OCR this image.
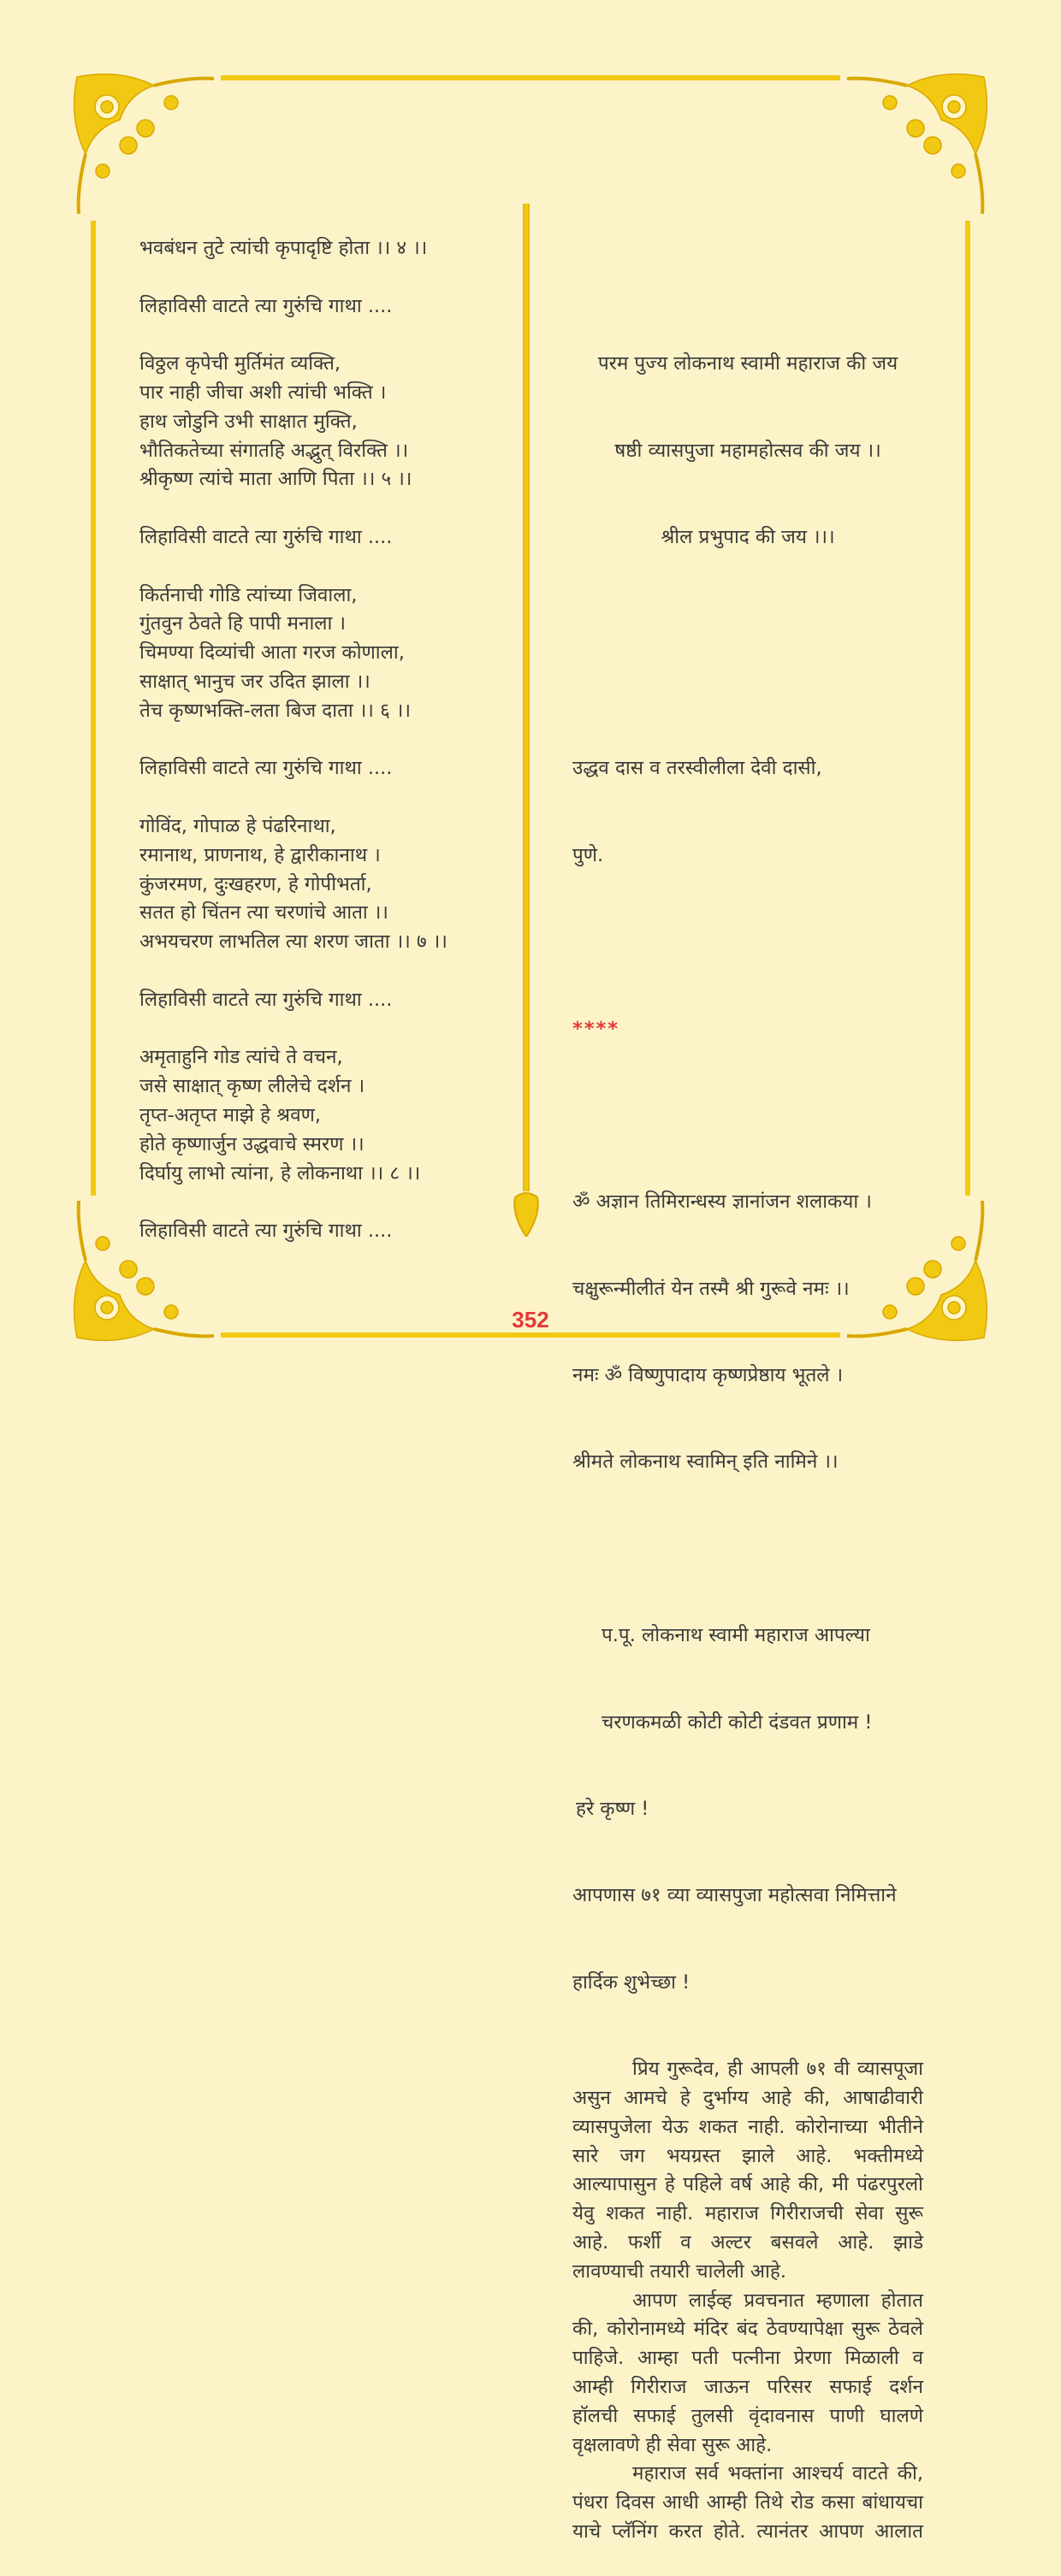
भवबंधन तुटे त्यांची कृपादृष्टि होता ।। ४ ।।
लिहाविसी वाटते त्या गुरुंचि गाथा ....
विठ्ठल कृपेची मुर्तिमंत व्यक्ति,
पार नाही जीचा अशी त्यांची भक्ति ।
हाथ जोडुनि उभी साक्षात मुक्ति,
भौतिकतेच्या संगातहि अद्भुत् विरक्ति ।।
श्रीकृष्ण त्यांचे माता आणि पिता ।। ५ ।।
लिहाविसी वाटते त्या गुरुंचि गाथा ....
किर्तनाची गोडि त्यांच्या जिवाला,
गुंतवुन ठेवते हि पापी मनाला ।
चिमण्या दिव्यांची आता गरज कोणाला,
साक्षात् भानुच जर उदित झाला ।।
तेच कृष्णभक्ति-लता बिज दाता ।। ६ ।।
लिहाविसी वाटते त्या गुरुंचि गाथा ....
गोविंद, गोपाळ हे पंढरिनाथा,
रमानाथ, प्राणनाथ, हे द्वारीकानाथ ।
कुंजरमण, दुःखहरण, हे गोपीभर्ता,
सतत हो चिंतन त्या चरणांचे आता ।।
अभयचरण लाभतिल त्या शरण जाता ।। ७ ।।
लिहाविसी वाटते त्या गुरुंचि गाथा ....
अमृताहुनि गोड त्यांचे ते वचन,
जसे साक्षात् कृष्ण लीलेचे दर्शन ।
तृप्त-अतृप्त माझे हे श्रवण,
होते कृष्णार्जुन उद्धवाचे स्मरण ।।
दिर्घायु लाभो त्यांना, हे लोकनाथा ।। ८ ।।
लिहाविसी वाटते त्या गुरुंचि गाथा ....

परम पुज्य लोकनाथ स्वामी महाराज की जय

षष्ठी व्यासपुजा महामहोत्सव की जय ।।

श्रील प्रभुपाद की जय ।।।

उद्धव दास व तरस्वीलीला देवी दासी,

पुणे.

****

ॐ अज्ञान तिमिरान्धस्य ज्ञानांजन शलाकया ।

चक्षुरून्मीलीतं येन तस्मै श्री गुरूवे नमः ।।

नमः ॐ विष्णुपादाय कृष्णप्रेष्ठाय भूतले ।

श्रीमते लोकनाथ स्वामिन् इति नामिने ।।

प.पू. लोकनाथ स्वामी महाराज आपल्या

चरणकमळी कोटी कोटी दंडवत प्रणाम !

हरे कृष्ण !

आपणास ७१ व्या व्यासपुजा महोत्सवा निमित्ताने

हार्दिक शुभेच्छा !

प्रिय गुरूदेव, ही आपली ७१ वी व्यासपूजा
असुन आमचे हे दुर्भाग्य आहे की, आषाढीवारी
व्यासपुजेला येऊ शकत नाही. कोरोनाच्या भीतीने
सारे जग भयग्रस्त झाले आहे. भक्तीमध्ये
आल्यापासुन हे पहिले वर्ष आहे की, मी पंढरपुरलो
येवु शकत नाही. महाराज गिरीराजची सेवा सुरू
आहे. फर्शी व अल्टर बसवले आहे. झाडे
लावण्याची तयारी चालेली आहे.
आपण लाईव्ह प्रवचनात म्हणाला होतात
की, कोरोनामध्ये मंदिर बंद ठेवण्यापेक्षा सुरू ठेवले
पाहिजे. आम्हा पती पत्नीना प्रेरणा मिळाली व
आम्ही गिरीराज जाऊन परिसर सफाई दर्शन
हॉलची सफाई तुलसी वृंदावनास पाणी घालणे
वृक्षलावणे ही सेवा सुरू आहे.
महाराज सर्व भक्तांना आश्चर्य वाटते की,
पंधरा दिवस आधी आम्ही तिथे रोड कसा बांधायचा
याचे प्लॅनिंग करत होते. त्यानंतर आपण आलात

352
